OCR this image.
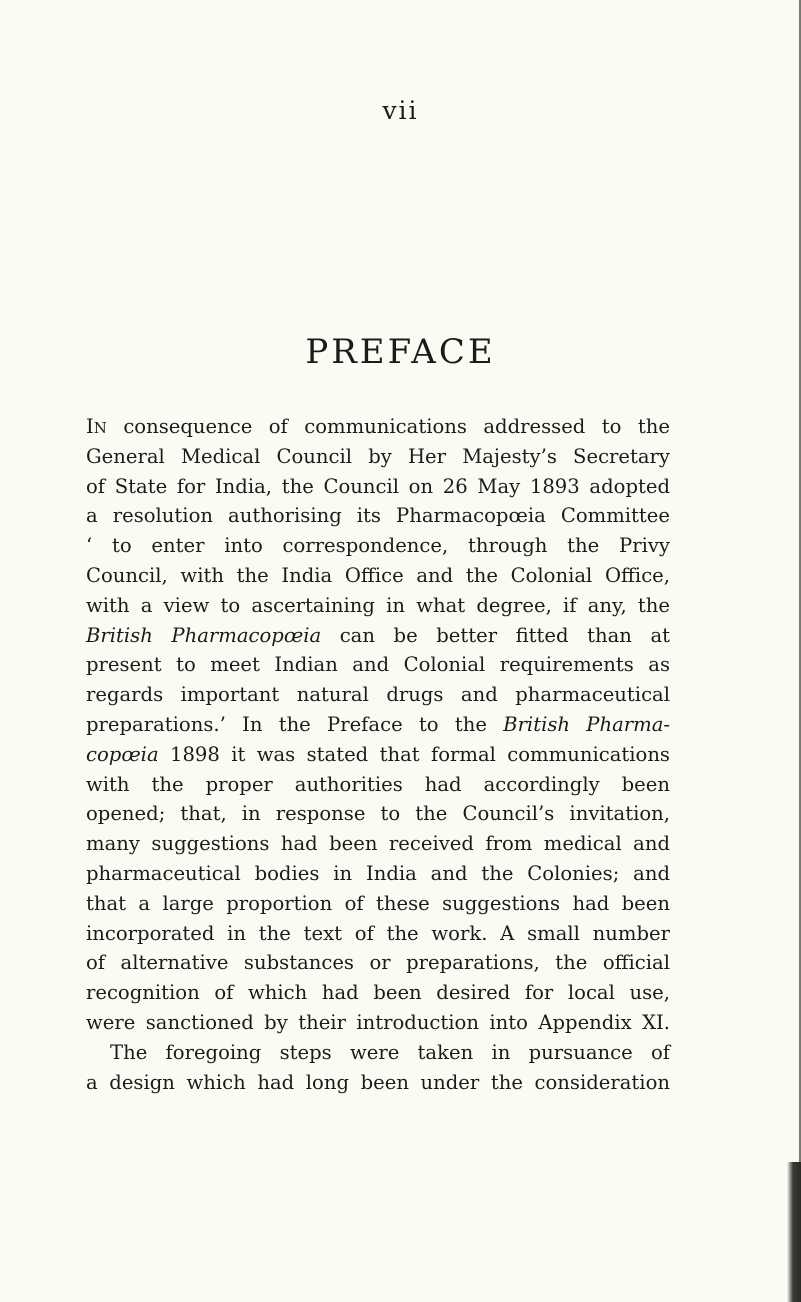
vii
PREFACE
IN consequence of communications addressed to the
General Medical Council by Her Majesty’s Secretary
of State for India, the Council on 26 May 1893 adopted
a resolution authorising its Pharmacopœia Committee
‘ to enter into correspondence, through the Privy
Council, with the India Office and the Colonial Office,
with a view to ascertaining in what degree, if any, the
British Pharmacopœia can be better fitted than at
present to meet Indian and Colonial requirements as
regards important natural drugs and pharmaceutical
preparations.’ In the Preface to the British Pharma-
copœia 1898 it was stated that formal communications
with the proper authorities had accordingly been
opened; that, in response to the Council’s invitation,
many suggestions had been received from medical and
pharmaceutical bodies in India and the Colonies; and
that a large proportion of these suggestions had been
incorporated in the text of the work. A small number
of alternative substances or preparations, the official
recognition of which had been desired for local use,
were sanctioned by their introduction into Appendix XI.
The foregoing steps were taken in pursuance of
a design which had long been under the consideration
